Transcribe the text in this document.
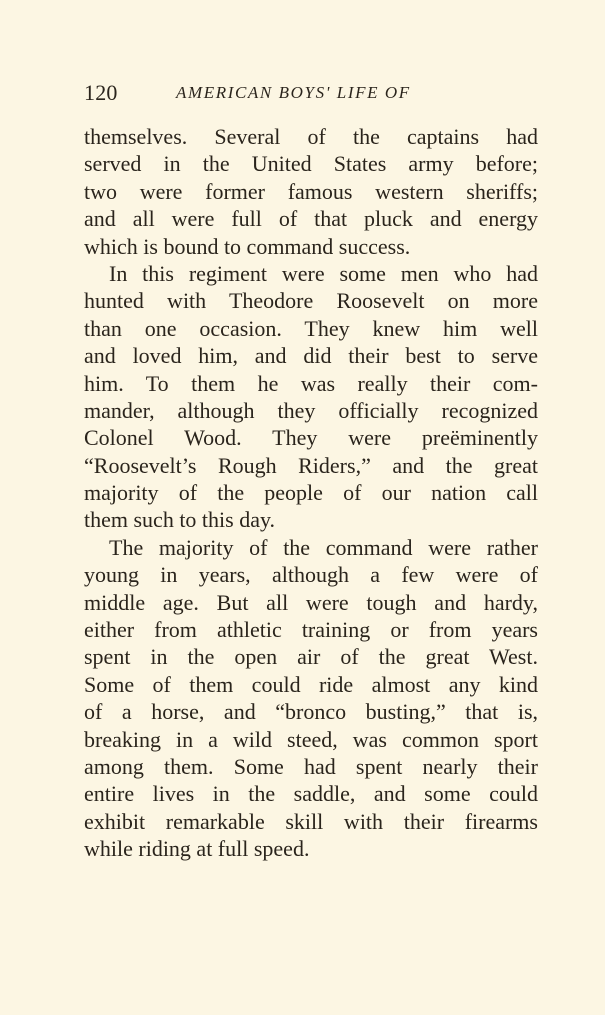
120	AMERICAN BOYS' LIFE OF
themselves. Several of the captains had
served in the United States army before;
two were former famous western sheriffs;
and all were full of that pluck and energy
which is bound to command success.
In this regiment were some men who had
hunted with Theodore Roosevelt on more
than one occasion. They knew him well
and loved him, and did their best to serve
him. To them he was really their com-
mander, although they officially recognized
Colonel Wood. They were preëminently
“Roosevelt’s Rough Riders,” and the great
majority of the people of our nation call
them such to this day.
The majority of the command were rather
young in years, although a few were of
middle age. But all were tough and hardy,
either from athletic training or from years
spent in the open air of the great West.
Some of them could ride almost any kind
of a horse, and “bronco busting,” that is,
breaking in a wild steed, was common sport
among them. Some had spent nearly their
entire lives in the saddle, and some could
exhibit remarkable skill with their firearms
while riding at full speed.
